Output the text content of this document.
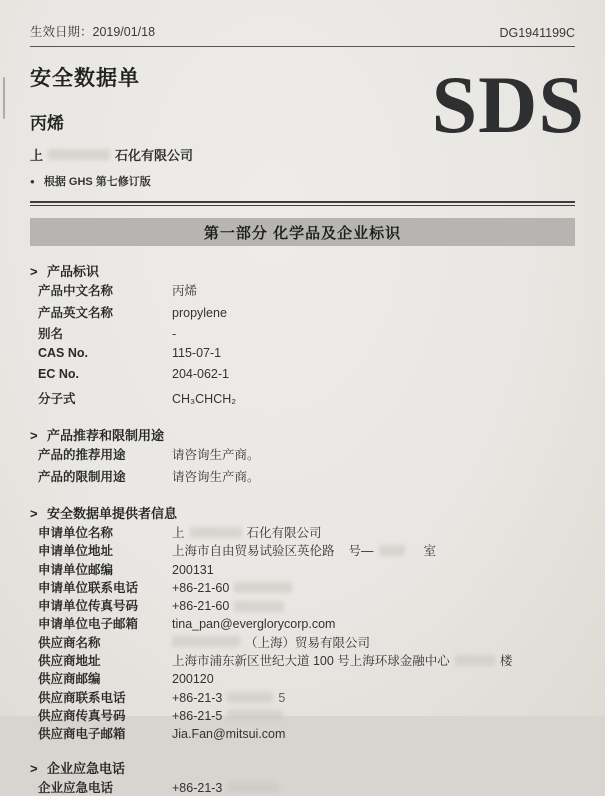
生效日期：2019/01/18	DG1941199C
安全数据单
丙烯
上	石化有限公司
● 根据 GHS 第七修订版
SDS
第一部分 化学品及企业标识
> 产品标识
产品中文名称	丙烯
产品英文名称	propylene
别名	-
CAS No.	115-07-1
EC No.	204-062-1
分子式	CH₃CHCH₂
> 产品推荐和限制用途
产品的推荐用途	请咨询生产商。
产品的限制用途	请咨询生产商。
> 安全数据单提供者信息
申请单位名称	上	石化有限公司
申请单位地址	上海市自由贸易试验区英伦路 号—	室
申请单位邮编	200131
申请单位联系电话	+86-21-60
申请单位传真号码	+86-21-60
申请单位电子邮箱	tina_pan@everglorycorp.com
供应商名称	（上海）贸易有限公司
供应商地址	上海市浦东新区世纪大道 100 号上海环球金融中心	楼
供应商邮编	200120
供应商联系电话	+86-21-3	5
供应商传真号码	+86-21-5
供应商电子邮箱	Jia.Fan@mitsui.com
> 企业应急电话
企业应急电话	+86-21-3
